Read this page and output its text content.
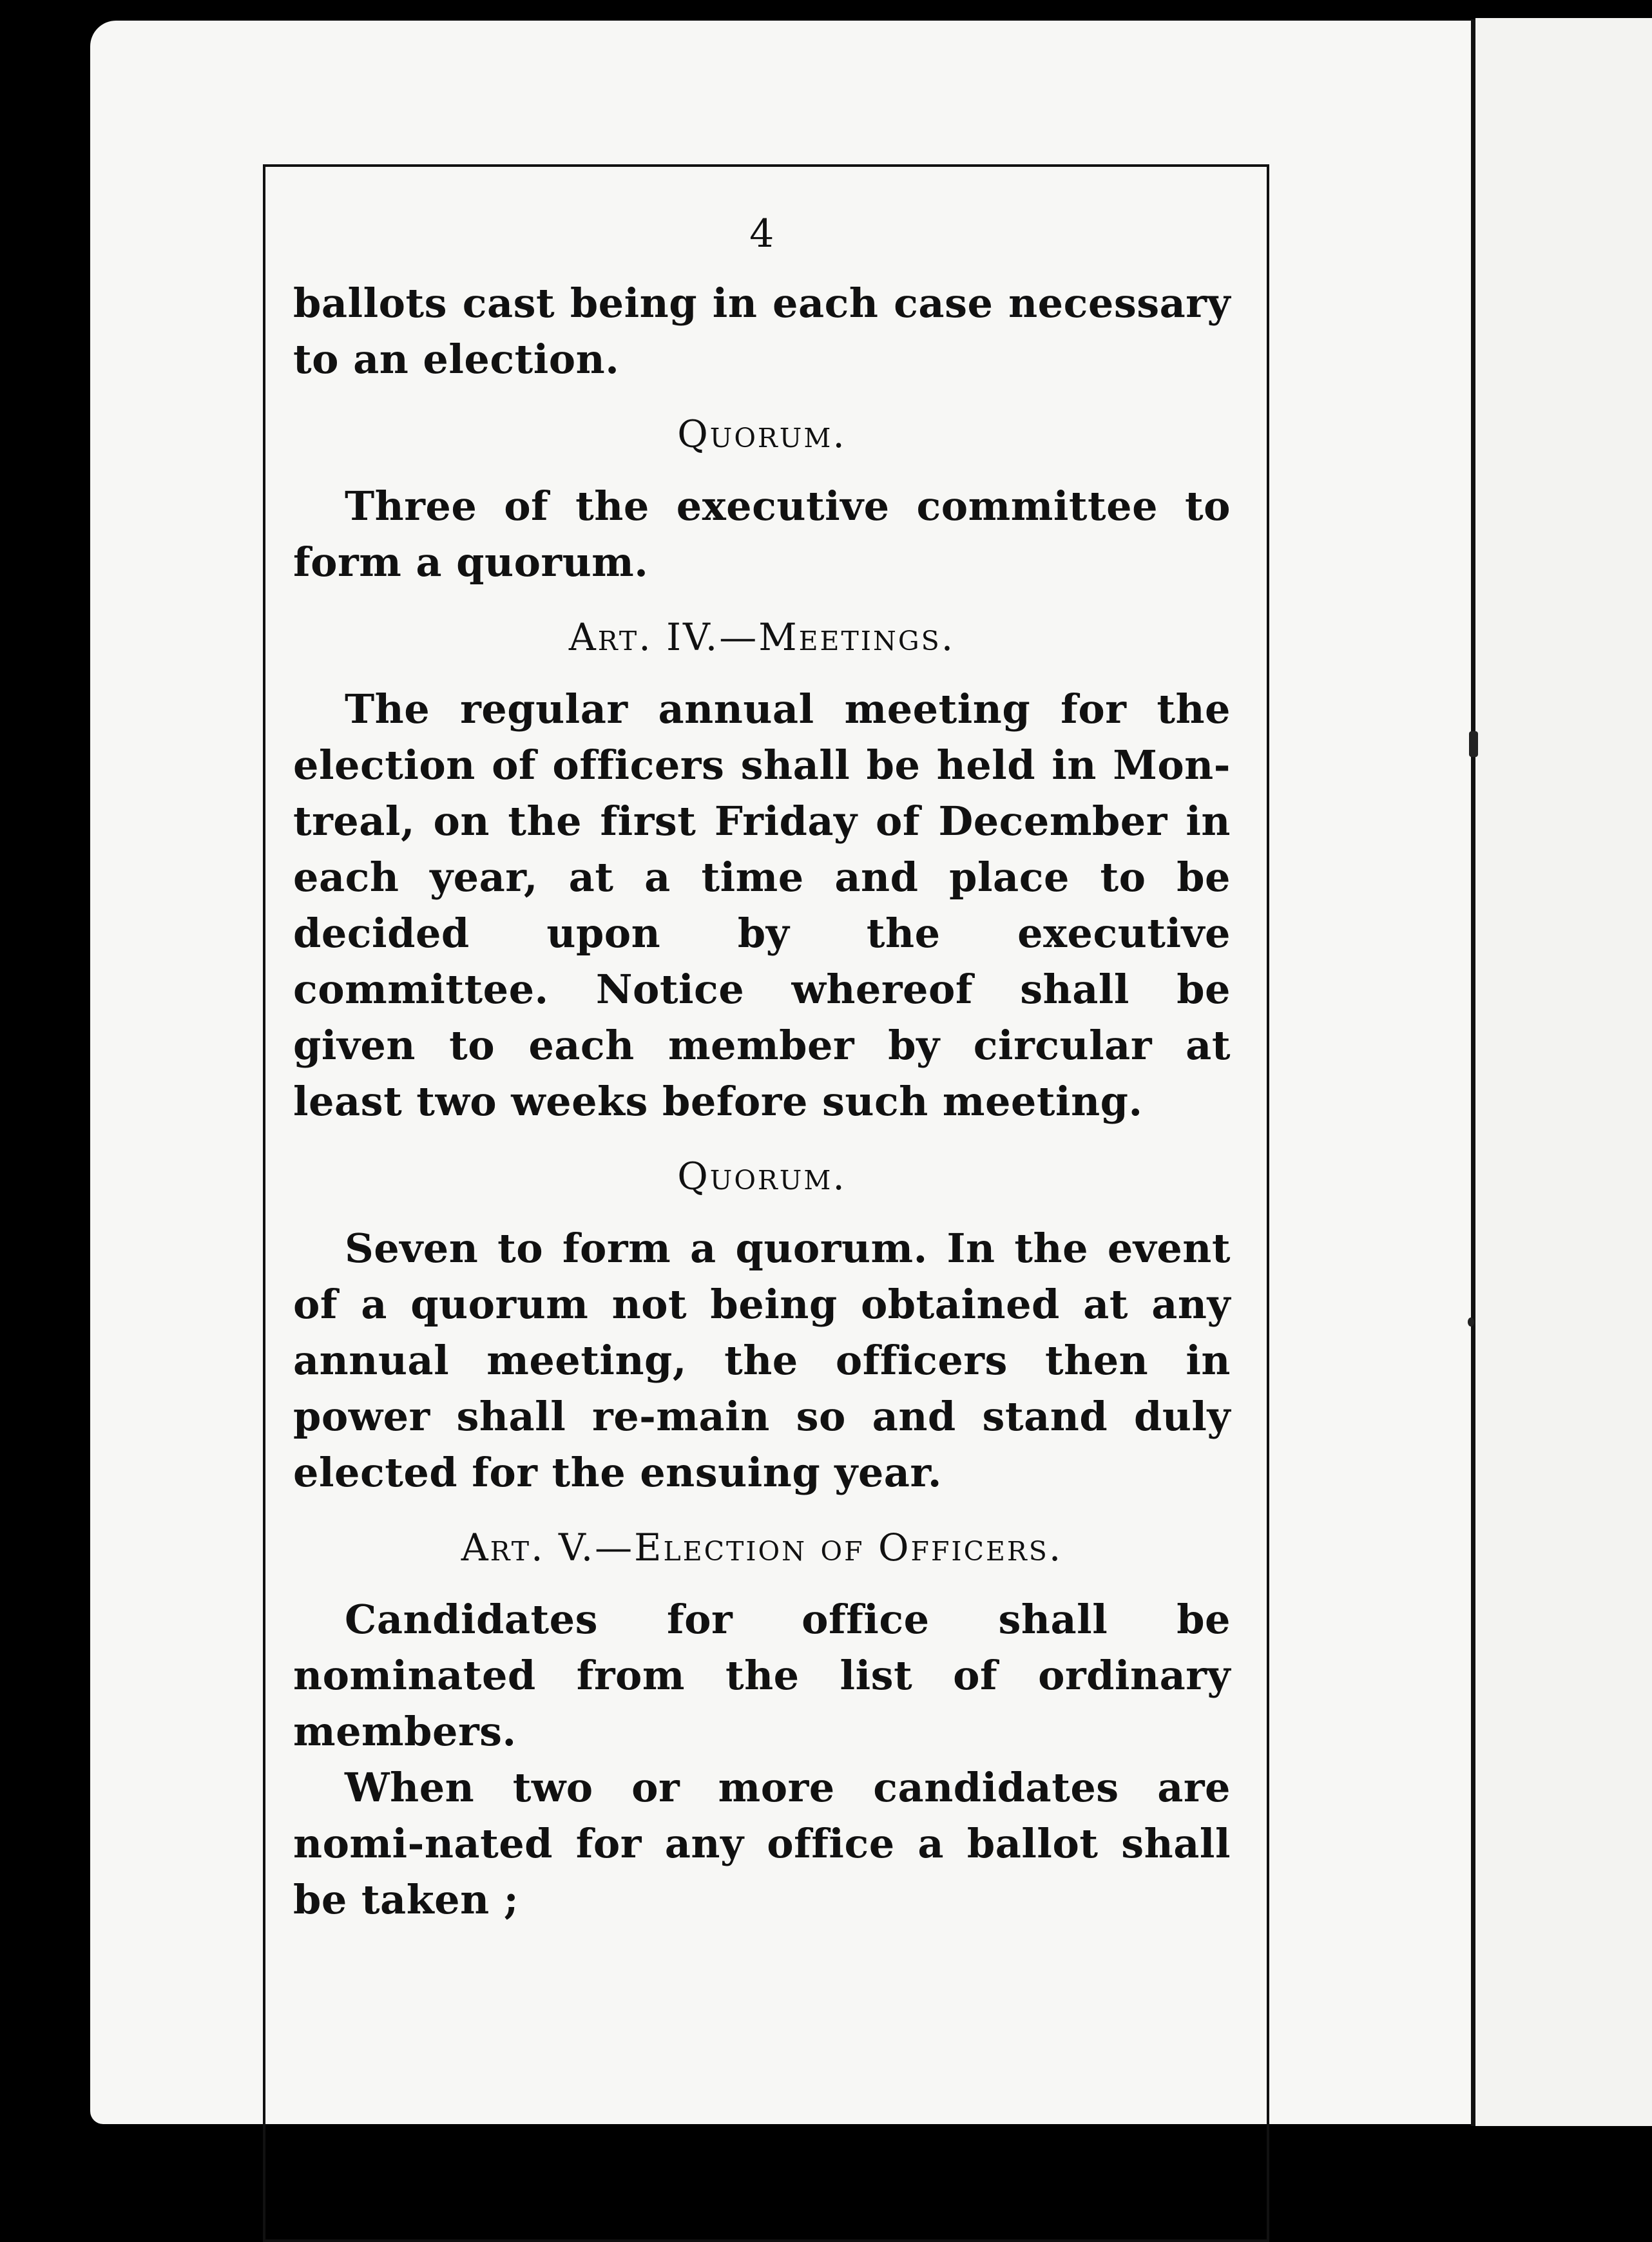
4

ballots cast being in each case necessary to an election.

Quorum.

Three of the executive committee to form a quorum.

Art. IV.—Meetings.

The regular annual meeting for the election of officers shall be held in Mon-treal, on the first Friday of December in each year, at a time and place to be decided upon by the executive committee. Notice whereof shall be given to each member by circular at least two weeks before such meeting.

Quorum.

Seven to form a quorum. In the event of a quorum not being obtained at any annual meeting, the officers then in power shall re-main so and stand duly elected for the ensuing year.

Art. V.—Election of Officers.

Candidates for office shall be nominated from the list of ordinary members.

When two or more candidates are nomi-nated for any office a ballot shall be taken ;
